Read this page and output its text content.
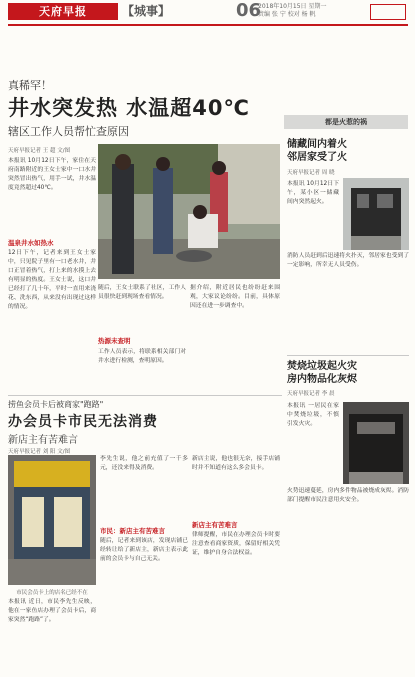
天府早报	【城事】	06
2018年10月15日 星期一
责编 张 宁 校对 杨 帆
真稀罕！
井水突发热 水温超40℃
辖区工作人员帮忙查原因
天府早报记者 王 超 文/图
本报讯 10月12日下午，家住在天府南路附近的王女士家中一口水井突然冒出热气，用手一试，井水温度竟然超过40℃。
温泉井水如热水
12日下午，记者来到王女士家中，只见院子里有一口老水井，井口正冒着热气，打上来的水摸上去有明显的热度。王女士说，这口井已经打了几十年，平时一直用来浇花、洗东西，从来没有出现过这样的情况。
随后，王女士联系了社区，工作人员很快赶到现场查看情况。
热源未查明
工作人员表示，将联系相关部门对井水进行检测，查明原因。
据介绍，附近居民也纷纷赶来围观，大家议论纷纷。目前，具体原因还在进一步调查中。
都是火惹的祸
储藏间内着火
邻居家受了火
天府早报记者 周 晓
本报讯 10月12日下午，某小区一储藏间内突然起火。
消防人员赶到后迅速将火扑灭，邻居家也受到了一定影响，所幸无人员受伤。
焚烧垃圾起火灾
房内物品化灰烬
天府早报记者 李 晨
本报讯 一居民在家中焚烧垃圾，不慎引发火灾。
火势迅速蔓延，房内多件物品被烧成灰烬。消防部门提醒市民注意用火安全。
捞鱼会员卡后被商家"跑路"
办会员卡市民无法消费
新店主有苦难言
天府早报记者 刘 阳 文/图
市民会员卡上的店名已经不在
本报讯 近日，市民李先生反映，他在一家鱼店办理了会员卡后，商家突然“跑路”了。
李先生说，他之前充值了一千多元，还没来得及消费。
市民：新店主有苦难言
随后，记者来到该店，发现店铺已经转让给了新店主，新店主表示此前的会员卡与自己无关。
新店主说，他也很无奈，接手店铺时并不知道有这么多会员卡。
新店主有苦难言
律师提醒，市民在办理会员卡时要注意查看商家资质，保留好相关凭证，维护自身合法权益。
